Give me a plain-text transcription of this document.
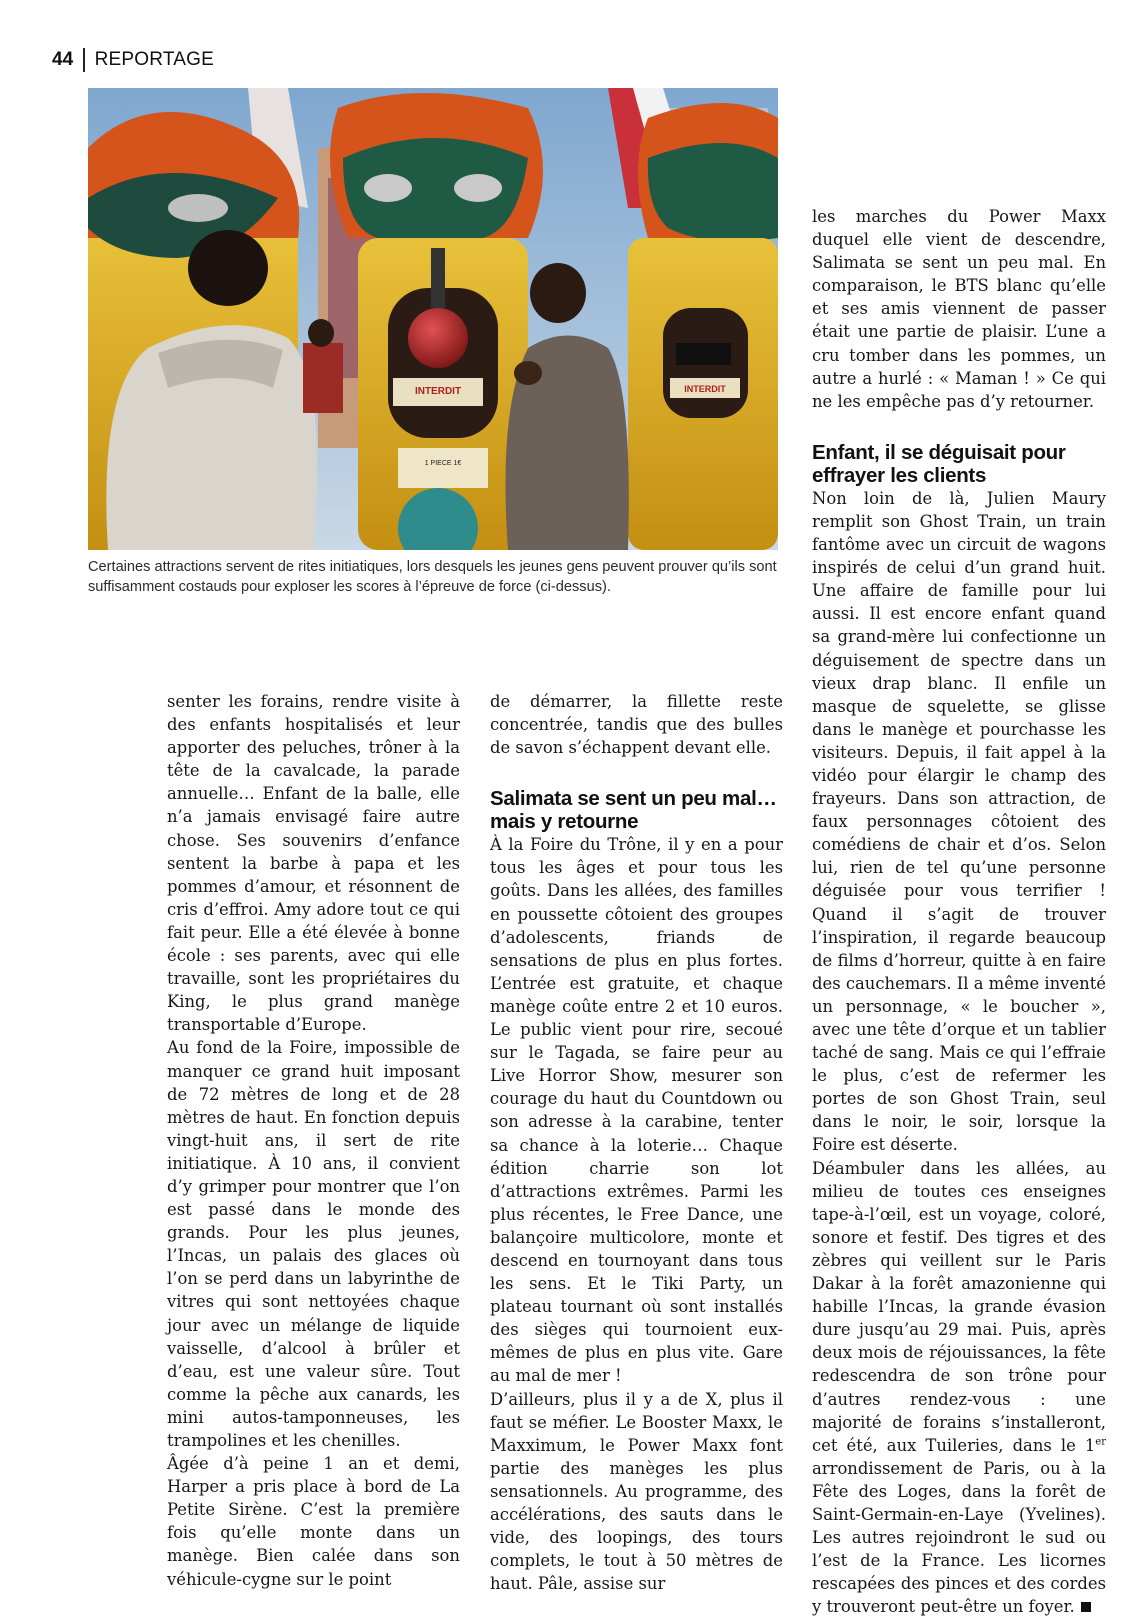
44 REPORTAGE
INTERDIT
1 PIECE 1€
INTERDIT
Certaines attractions servent de rites initiatiques, lors desquels les jeunes gens peuvent prouver qu’ils sont suffisamment costauds pour exploser les scores à l’épreuve de force (ci-dessus).

senter les forains, rendre visite à des enfants hospitalisés et leur apporter des peluches, trôner à la tête de la cavalcade, la parade annuelle… Enfant de la balle, elle n’a jamais envisagé faire autre chose. Ses souvenirs d’enfance sentent la barbe à papa et les pommes d’amour, et résonnent de cris d’effroi. Amy adore tout ce qui fait peur. Elle a été élevée à bonne école : ses parents, avec qui elle travaille, sont les propriétaires du King, le plus grand manège transportable d’Europe.

Au fond de la Foire, impossible de manquer ce grand huit imposant de 72 mètres de long et de 28 mètres de haut. En fonction depuis vingt-huit ans, il sert de rite initiatique. À 10 ans, il convient d’y grimper pour montrer que l’on est passé dans le monde des grands. Pour les plus jeunes, l’Incas, un palais des glaces où l’on se perd dans un labyrinthe de vitres qui sont nettoyées chaque jour avec un mélange de liquide vaisselle, d’alcool à brûler et d’eau, est une valeur sûre. Tout comme la pêche aux canards, les mini autos-tamponneuses, les trampolines et les chenilles.

Âgée d’à peine 1 an et demi, Harper a pris place à bord de La Petite Sirène. C’est la première fois qu’elle monte dans un manège. Bien calée dans son véhicule-cygne sur le point

de démarrer, la fillette reste concentrée, tandis que des bulles de savon s’échappent devant elle.

Salimata se sent un peu mal… mais y retourne

À la Foire du Trône, il y en a pour tous les âges et pour tous les goûts. Dans les allées, des familles en poussette côtoient des groupes d’adolescents, friands de sensations de plus en plus fortes. L’entrée est gratuite, et chaque manège coûte entre 2 et 10 euros. Le public vient pour rire, secoué sur le Tagada, se faire peur au Live Horror Show, mesurer son courage du haut du Countdown ou son adresse à la carabine, tenter sa chance à la loterie… Chaque édition charrie son lot d’attractions extrêmes. Parmi les plus récentes, le Free Dance, une balançoire multicolore, monte et descend en tournoyant dans tous les sens. Et le Tiki Party, un plateau tournant où sont installés des sièges qui tournoient eux-mêmes de plus en plus vite. Gare au mal de mer !

D’ailleurs, plus il y a de X, plus il faut se méfier. Le Booster Maxx, le Maxximum, le Power Maxx font partie des manèges les plus sensationnels. Au programme, des accélérations, des sauts dans le vide, des loopings, des tours complets, le tout à 50 mètres de haut. Pâle, assise sur

les marches du Power Maxx duquel elle vient de descendre, Salimata se sent un peu mal. En comparaison, le BTS blanc qu’elle et ses amis viennent de passer était une partie de plaisir. L’une a cru tomber dans les pommes, un autre a hurlé : « Maman ! » Ce qui ne les empêche pas d’y retourner.

Enfant, il se déguisait pour effrayer les clients

Non loin de là, Julien Maury remplit son Ghost Train, un train fantôme avec un circuit de wagons inspirés de celui d’un grand huit. Une affaire de famille pour lui aussi. Il est encore enfant quand sa grand-mère lui confectionne un déguisement de spectre dans un vieux drap blanc. Il enfile un masque de squelette, se glisse dans le manège et pourchasse les visiteurs. Depuis, il fait appel à la vidéo pour élargir le champ des frayeurs. Dans son attraction, de faux personnages côtoient des comédiens de chair et d’os. Selon lui, rien de tel qu’une personne déguisée pour vous terrifier ! Quand il s’agit de trouver l’inspiration, il regarde beaucoup de films d’horreur, quitte à en faire des cauchemars. Il a même inventé un personnage, « le boucher », avec une tête d’orque et un tablier taché de sang. Mais ce qui l’effraie le plus, c’est de refermer les portes de son Ghost Train, seul dans le noir, le soir, lorsque la Foire est déserte.

Déambuler dans les allées, au milieu de toutes ces enseignes tape-à-l’œil, est un voyage, coloré, sonore et festif. Des tigres et des zèbres qui veillent sur le Paris Dakar à la forêt amazonienne qui habille l’Incas, la grande évasion dure jusqu’au 29 mai. Puis, après deux mois de réjouissances, la fête redescendra de son trône pour d’autres rendez-vous : une majorité de forains s’installeront, cet été, aux Tuileries, dans le 1er arrondissement de Paris, ou à la Fête des Loges, dans la forêt de Saint-Germain-en-Laye (Yvelines). Les autres rejoindront le sud ou l’est de la France. Les licornes rescapées des pinces et des cordes y trouveront peut-être un foyer.
